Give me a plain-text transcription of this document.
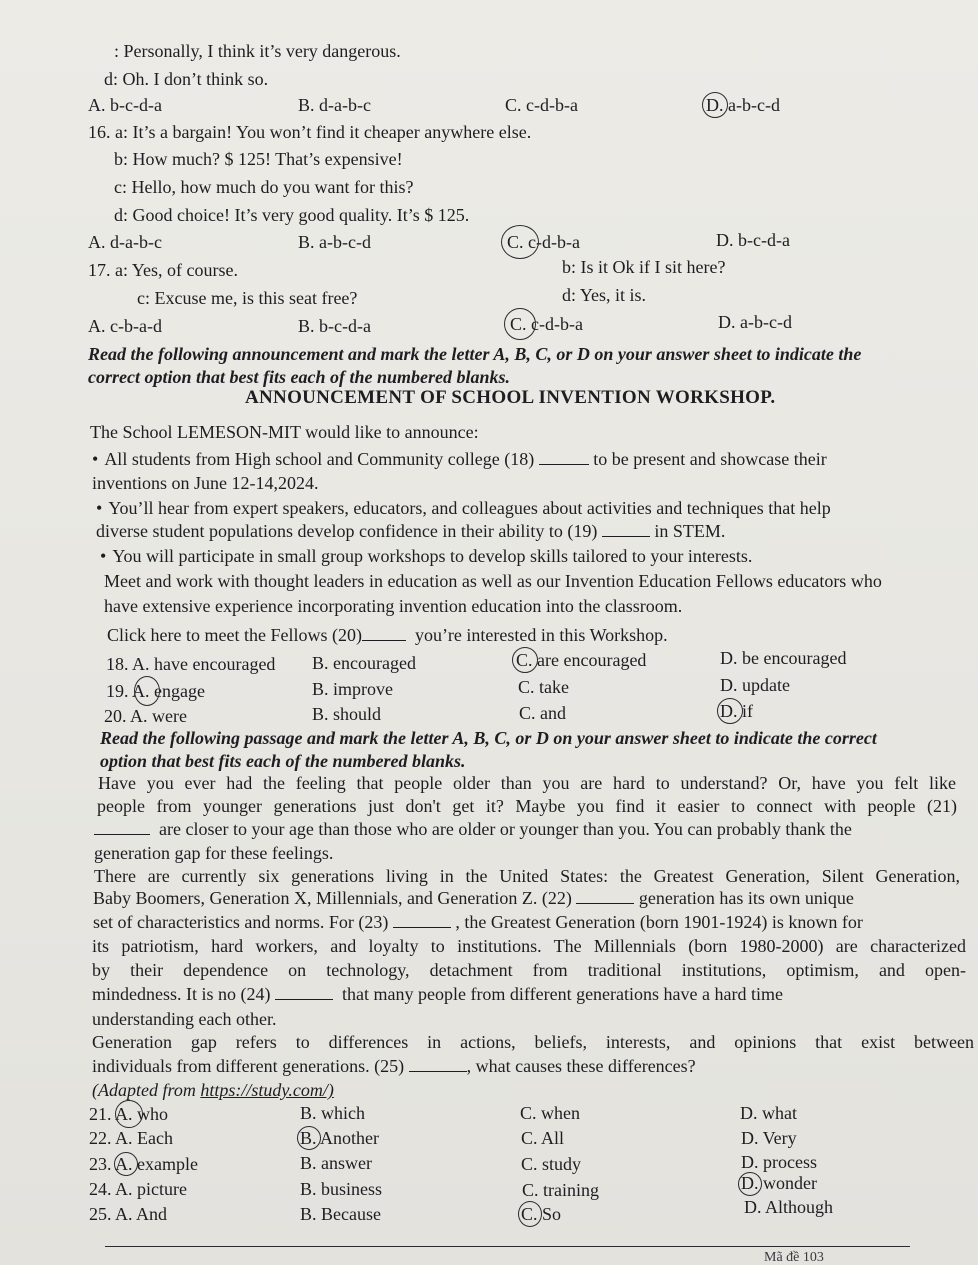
: Personally, I think it’s very dangerous.
d: Oh. I don’t think so.
A. b-c-d-a	B. d-a-b-c	C. c-d-b-a	D. a-b-c-d
16. a: It’s a bargain! You won’t find it cheaper anywhere else.
b: How much? $ 125! That’s expensive!
c: Hello, how much do you want for this?
d: Good choice! It’s very good quality. It’s $ 125.
A. d-a-b-c	B. a-b-c-d	C. c-d-b-a	D. b-c-d-a
17. a: Yes, of course.	b: Is it Ok if I sit here?
c: Excuse me, is this seat free?	d: Yes, it is.
A. c-b-a-d	B. b-c-d-a	C. c-d-b-a	D. a-b-c-d
Read the following announcement and mark the letter A, B, C, or D on your answer sheet to indicate the
correct option that best fits each of the numbered blanks.
ANNOUNCEMENT OF SCHOOL INVENTION WORKSHOP.
The School LEMESON-MIT would like to announce:
• All students from High school and Community college (18)	to be present and showcase their
inventions on June 12-14,2024.
• You’ll hear from expert speakers, educators, and colleagues about activities and techniques that help
diverse student populations develop confidence in their ability to (19)	in STEM.
• You will participate in small group workshops to develop skills tailored to your interests.
Meet and work with thought leaders in education as well as our Invention Education Fellows educators who
have extensive experience incorporating invention education into the classroom.
Click here to meet the Fellows (20)	you’re interested in this Workshop.
18. A. have encouraged B. encouraged	C. are encouraged	D. be encouraged
19. A. engage	B. improve	C. take	D. update
20. A. were	B. should	C. and	D. if
Read the following passage and mark the letter A, B, C, or D on your answer sheet to indicate the correct
option that best fits each of the numbered blanks.
Have you ever had the feeling that people older than you are hard to understand? Or, have you felt like
people from younger generations just don't get it? Maybe you find it easier to connect with people (21)
are closer to your age than those who are older or younger than you. You can probably thank the
generation gap for these feelings.
There are currently six generations living in the United States: the Greatest Generation, Silent Generation,
Baby Boomers, Generation X, Millennials, and Generation Z. (22)	generation has its own unique
set of characteristics and norms. For (23)	, the Greatest Generation (born 1901-1924) is known for
its patriotism, hard workers, and loyalty to institutions. The Millennials (born 1980-2000) are characterized
by their dependence on technology, detachment from traditional institutions, optimism, and open-
mindedness. It is no (24)	that many people from different generations have a hard time
understanding each other.
Generation gap refers to differences in actions, beliefs, interests, and opinions that exist between
individuals from different generations. (25)	, what causes these differences?
(Adapted from https://study.com/)
21. A. who	B. which	C. when	D. what
22. A. Each	B. Another	C. All	D. Very
23. A. example	B. answer	C. study	D. process
24. A. picture	B. business	C. training	D. wonder
25. A. And	B. Because	C. So	D. Although
Mã đề 103
